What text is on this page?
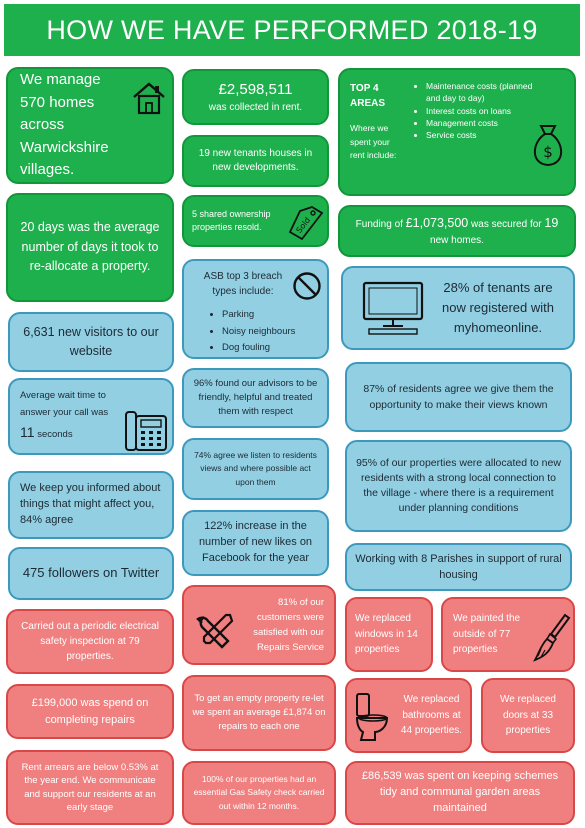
HOW WE HAVE PERFORMED 2018-19
We manage 570 homes across Warwickshire villages.
£2,598,511
was collected in rent.
TOP 4 AREAS
Where we spent your rent include:
• Maintenance costs (planned and day to day)
• Interest costs on loans
• Management costs
• Service costs
$
19 new tenants houses in new developments.
20 days was the average number of days it took to re-allocate a property.
5 shared ownership properties resold.	Sold	Funding of £1,073,500 was secured for 19 new homes.
ASB top 3 breach types include:
• Parking
• Noisy neighbours
• Dog fouling
28% of tenants are now registered with myhomeonline.
6,631 new visitors to our website
96% found our advisors to be friendly, helpful and treated them with respect
87% of residents agree we give them the opportunity to make their views known
Average wait time to answer your call was 11 seconds
74% agree we listen to residents views and where possible act upon them
95% of our properties were allocated to new residents with a strong local connection to the village - where there is a requirement under planning conditions
We keep you informed about things that might affect you, 84% agree
122% increase in the number of new likes on Facebook for the year	Working with 8 Parishes in support of rural housing
475 followers on Twitter
Carried out a periodic electrical safety inspection at 79 properties.
81% of our customers were satisfied with our Repairs Service
We replaced windows in 14 properties
We painted the outside of 77 properties
£199,000 was spend on completing repairs
To get an empty property re-let we spent an average £1,874 on repairs to each one
We replaced bathrooms at 44 properties.
We replaced doors at 33 properties
Rent arrears are below 0.53% at the year end. We communicate and support our residents at an early stage
100% of our properties had an essential Gas Safety check carried out within 12 months.
£86,539 was spent on keeping schemes tidy and communal garden areas maintained
